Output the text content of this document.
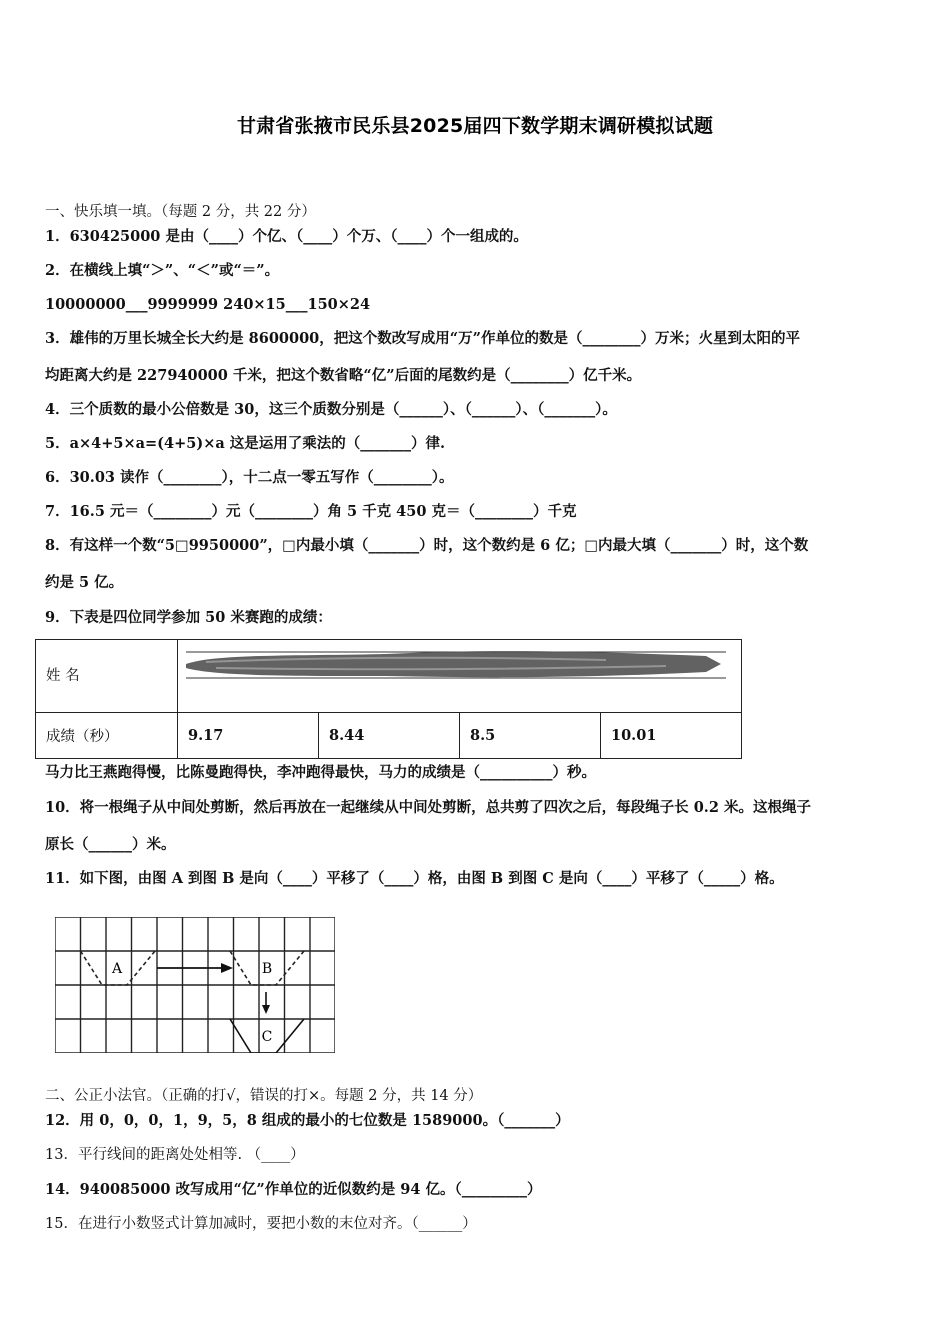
甘肃省张掖市民乐县2025届四下数学期末调研模拟试题
一、快乐填一填。（每题 2 分，共 22 分）
1．630425000 是由（____）个亿、（____）个万、（____）个一组成的。
2．在横线上填“＞”、“＜”或“＝”。
10000000___9999999 240×15___150×24
3．雄伟的万里长城全长大约是 8600000，把这个数改写成用“万”作单位的数是（________）万米；火星到太阳的平
均距离大约是 227940000 千米，把这个数省略“亿”后面的尾数约是（________）亿千米。
4．三个质数的最小公倍数是 30，这三个质数分别是（______）、（______）、（_______）。
5．a×4+5×a=(4+5)×a 这是运用了乘法的（_______）律.
6．30.03 读作（________），十二点一零五写作（________）。
7．16.5 元＝（________）元（________）角 5 千克 450 克＝（________）千克
8．有这样一个数“5□9950000”，□内最小填（_______）时，这个数约是 6 亿；□内最大填（_______）时，这个数
约是 5 亿。
9．下表是四位同学参加 50 米赛跑的成绩：
姓 名
成绩（秒）	9.17	8.44	8.5	10.01
马力比王燕跑得慢，比陈曼跑得快，李冲跑得最快，马力的成绩是（__________）秒。
10．将一根绳子从中间处剪断，然后再放在一起继续从中间处剪断，总共剪了四次之后，每段绳子长 0.2 米。这根绳子
原长（______）米。
11．如下图，由图 A 到图 B 是向（____）平移了（____）格，由图 B 到图 C 是向（____）平移了（_____）格。
A	B
C
二、公正小法官。（正确的打√，错误的打×。每题 2 分，共 14 分）
12．用 0，0，0，1，9，5，8 组成的最小的七位数是 1589000。（_______）
13．平行线间的距离处处相等. （____）
14．940085000 改写成用“亿”作单位的近似数约是 94 亿。（_________）
15．在进行小数竖式计算加减时，要把小数的末位对齐。（______）
